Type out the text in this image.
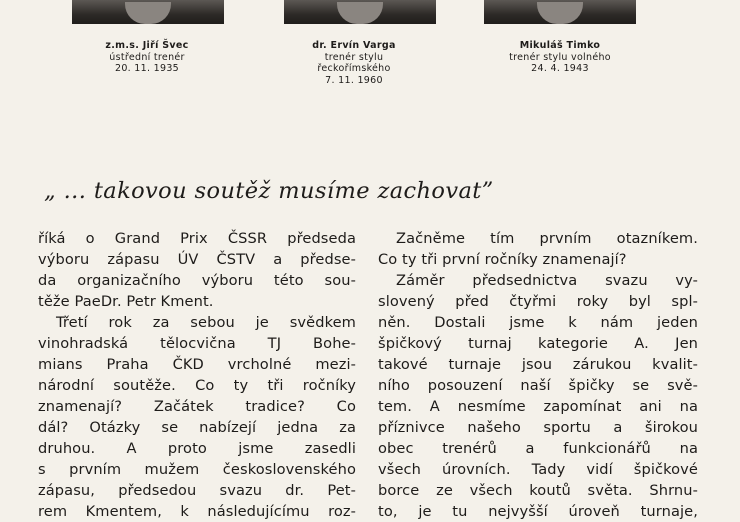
z.m.s. Jiří Švec
ústřední trenér
20. 11. 1935
dr. Ervín Varga
trenér stylu
řeckořímského
7. 11. 1960
Mikuláš Timko
trenér stylu volného
24. 4. 1943
„ ... takovou soutěž musíme zachovat”
říká o Grand Prix ČSSR předseda
výboru zápasu ÚV ČSTV a předse-
da organizačního výboru této sou-
těže PaeDr. Petr Kment.
Třetí rok za sebou je svědkem
vinohradská tělocvična TJ Bohe-
mians Praha ČKD vrcholné mezi-
národní soutěže. Co ty tři ročníky
znamenají? Začátek tradice? Co
dál? Otázky se nabízejí jedna za
druhou. A proto jsme zasedli
s prvním mužem československého
zápasu, předsedou svazu dr. Pet-
rem Kmentem, k následujícímu roz-
Začněme tím prvním otazníkem.
Co ty tři první ročníky znamenají?
Záměr předsednictva svazu vy-
slovený před čtyřmi roky byl spl-
něn. Dostali jsme k nám jeden
špičkový turnaj kategorie A. Jen
takové turnaje jsou zárukou kvalit-
ního posouzení naší špičky se svě-
tem. A nesmíme zapomínat ani na
příznivce našeho sportu a širokou
obec trenérů a funkcionářů na
všech úrovních. Tady vidí špičkové
borce ze všech koutů světa. Shrnu-
to, je tu nejvyšší úroveň turnaje,
